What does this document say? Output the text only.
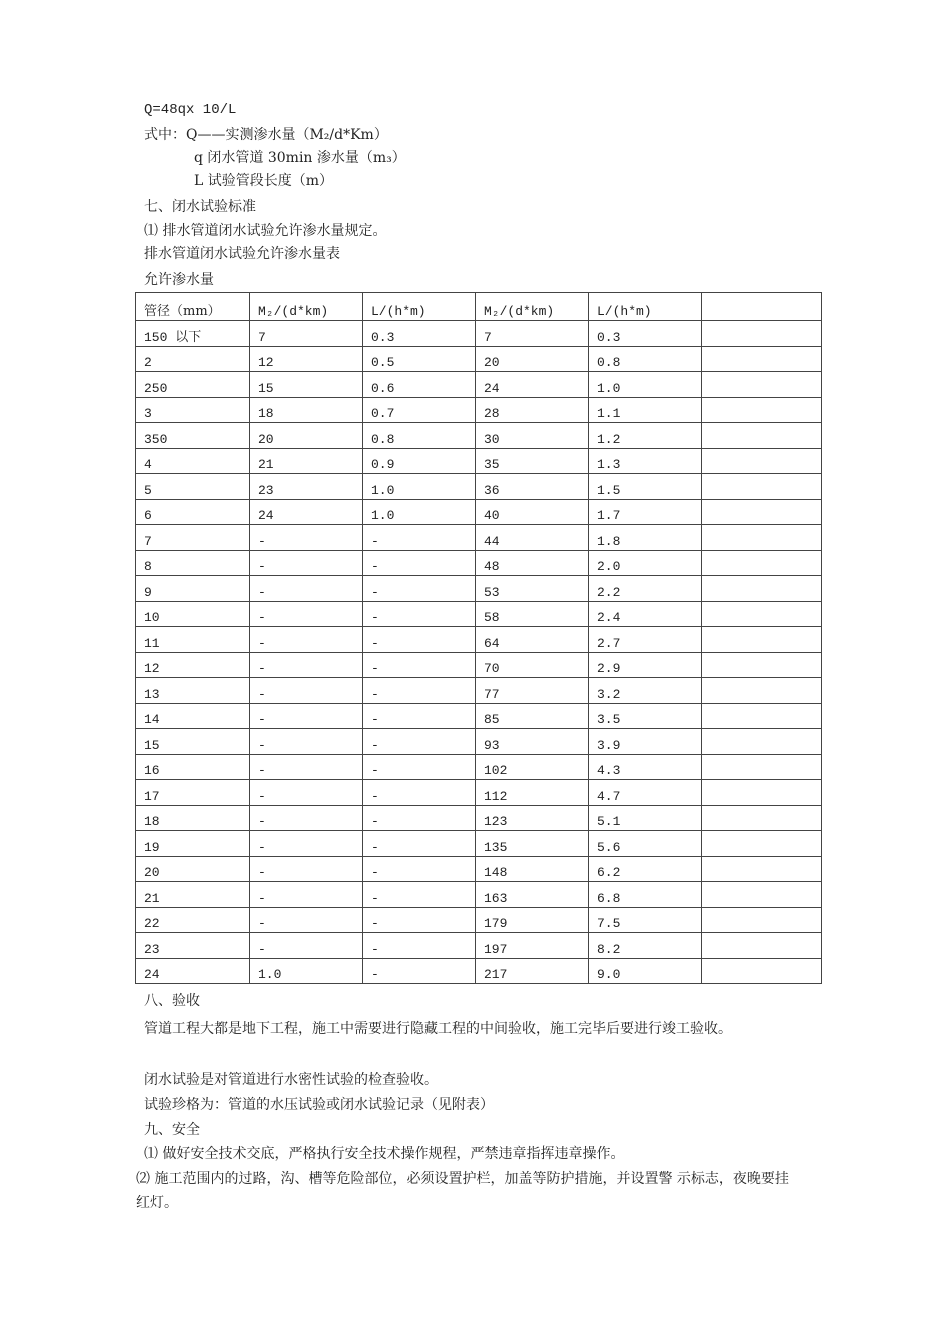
Q=48qx 10/L
式中：Q——实测渗水量（M₂/d*Km）
q 闭水管道 30min 渗水量（m₃）
L 试验管段长度（m）
七、闭水试验标准
⑴ 排水管道闭水试验允许渗水量规定。
排水管道闭水试验允许渗水量表
允许渗水量
管径（mm）	M₂/(d*km)	L/(h*m)	M₂/(d*km)	L/(h*m)	
150 以下	7	0.3	7	0.3	
2	12	0.5	20	0.8	
250	15	0.6	24	1.0	
3	18	0.7	28	1.1	
350	20	0.8	30	1.2	
4	21	0.9	35	1.3	
5	23	1.0	36	1.5	
6	24	1.0	40	1.7	
7	-	-	44	1.8	
8	-	-	48	2.0	
9	-	-	53	2.2	
10	-	-	58	2.4	
11	-	-	64	2.7	
12	-	-	70	2.9	
13	-	-	77	3.2	
14	-	-	85	3.5	
15	-	-	93	3.9	
16	-	-	102	4.3	
17	-	-	112	4.7	
18	-	-	123	5.1	
19	-	-	135	5.6	
20	-	-	148	6.2	
21	-	-	163	6.8	
22	-	-	179	7.5	
23	-	-	197	8.2	
24	1.0	-	217	9.0	
八、验收
管道工程大都是地下工程，施工中需要进行隐藏工程的中间验收，施工完毕后要进行竣工验收。
闭水试验是对管道进行水密性试验的检查验收。
试验珍格为：管道的水压试验或闭水试验记录（见附表）
九、安全
⑴ 做好安全技术交底，严格执行安全技术操作规程，严禁违章指挥违章操作。
⑵ 施工范围内的过路，沟、槽等危险部位，必须设置护栏，加盖等防护措施，并设置警 示标志，夜晚要挂红灯。
